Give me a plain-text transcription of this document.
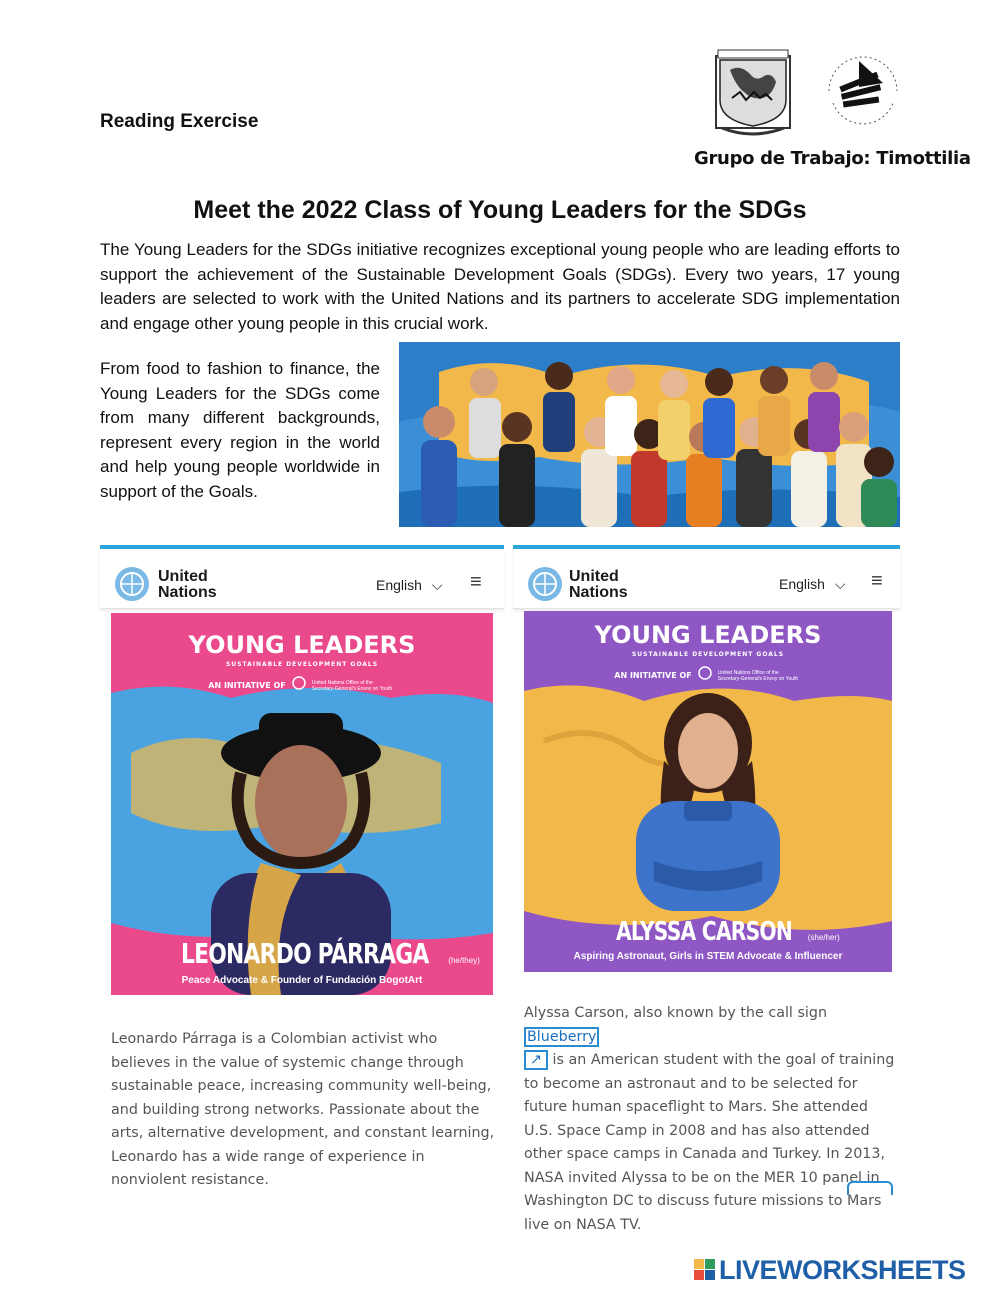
Reading Exercise
Grupo de Trabajo: Timottilia
Meet the 2022 Class of Young Leaders for the SDGs
The Young Leaders for the SDGs initiative recognizes exceptional young people who are leading efforts to support the achievement of the Sustainable Development Goals (SDGs). Every two years, 17 young leaders are selected to work with the United Nations and its partners to accelerate SDG implementation and engage other young people in this crucial work.
From food to fashion to finance, the Young Leaders for the SDGs come from many different backgrounds, represent every region in the world and help young people worldwide in support of the Goals.
United
Nations	English ⌵ ≡
YOUNG LEADERS
SUSTAINABLE DEVELOPMENT GOALS
AN INITIATIVE OF	United Nations Office of the Secretary-General's Envoy on Youth
LEONARDO PÁRRAGA (he/they)
Peace Advocate & Founder of Fundación BogotArt
Leonardo Párraga is a Colombian activist who believes in the value of systemic change through sustainable peace, increasing community well-being, and building strong networks. Passionate about the arts, alternative development, and constant learning, Leonardo has a wide range of experience in nonviolent resistance.
United
Nations	English ⌵ ≡
YOUNG LEADERS
SUSTAINABLE DEVELOPMENT GOALS
AN INITIATIVE OF	United Nations Office of the Secretary-General's Envoy on Youth
ALYSSA CARSON (she/her)
Aspiring Astronaut, Girls in STEM Advocate & Influencer
Alyssa Carson, also known by the call sign Blueberry
↗ is an American student with the goal of training to become an astronaut and to be selected for future human spaceflight to Mars. She attended U.S. Space Camp in 2008 and has also attended other space camps in Canada and Turkey. In 2013, NASA invited Alyssa to be on the MER 10 panel in Washington DC to discuss future missions to Mars live on NASA TV.
LIVEWORKSHEETS
